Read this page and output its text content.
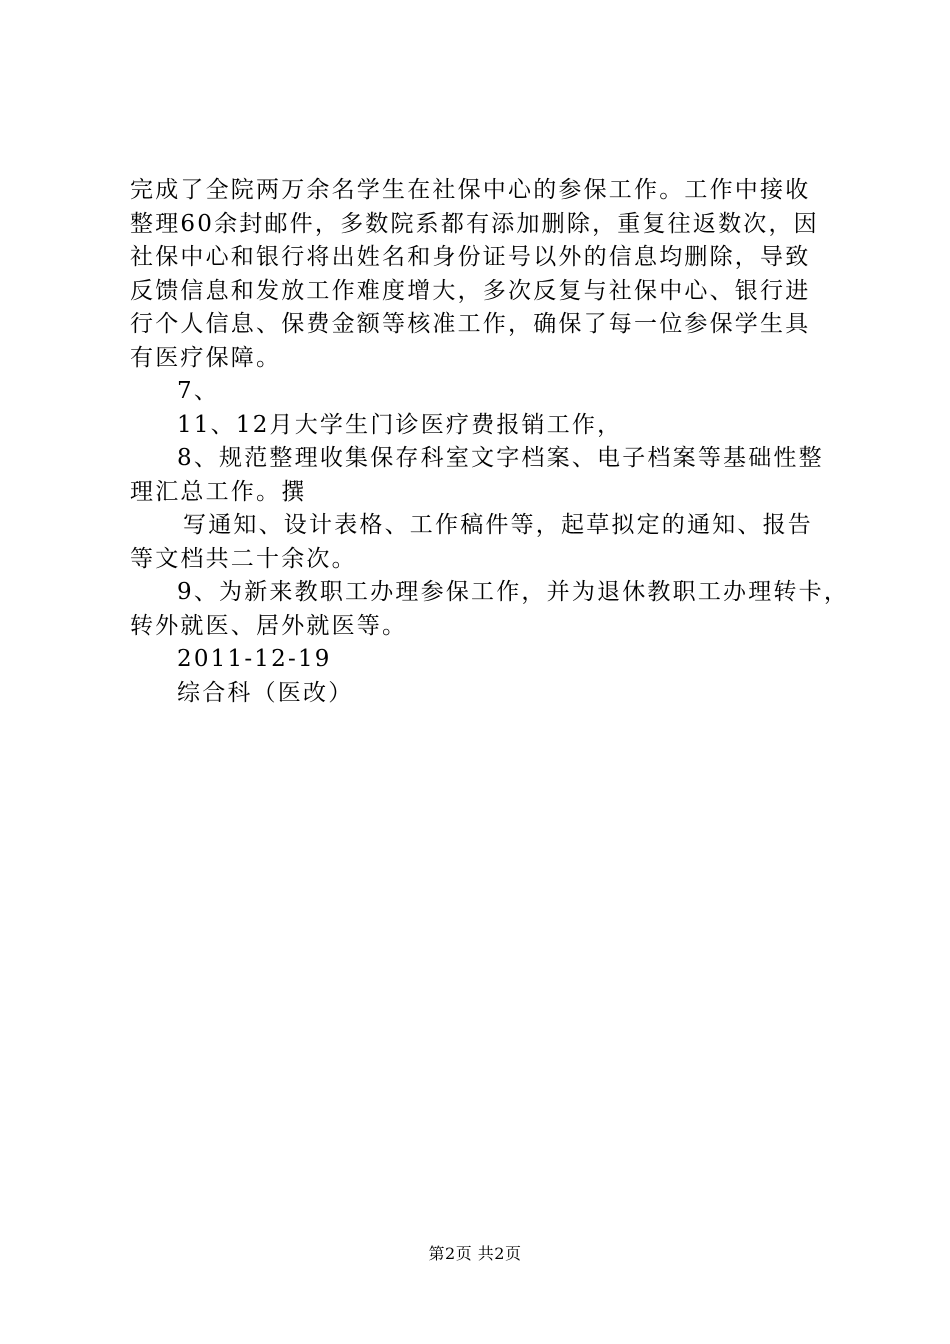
完成了全院两万余名学生在社保中心的参保工作。工作中接收
整理60余封邮件，多数院系都有添加删除，重复往返数次，因
社保中心和银行将出姓名和身份证号以外的信息均删除，导致
反馈信息和发放工作难度增大，多次反复与社保中心、银行进
行个人信息、保费金额等核准工作，确保了每一位参保学生具
有医疗保障。
7、
11、12月大学生门诊医疗费报销工作，
8、规范整理收集保存科室文字档案、电子档案等基础性整
理汇总工作。撰
写通知、设计表格、工作稿件等，起草拟定的通知、报告
等文档共二十余次。
9、为新来教职工办理参保工作，并为退休教职工办理转卡，
转外就医、居外就医等。
2011-12-19
综合科（医改）
第2页 共2页
